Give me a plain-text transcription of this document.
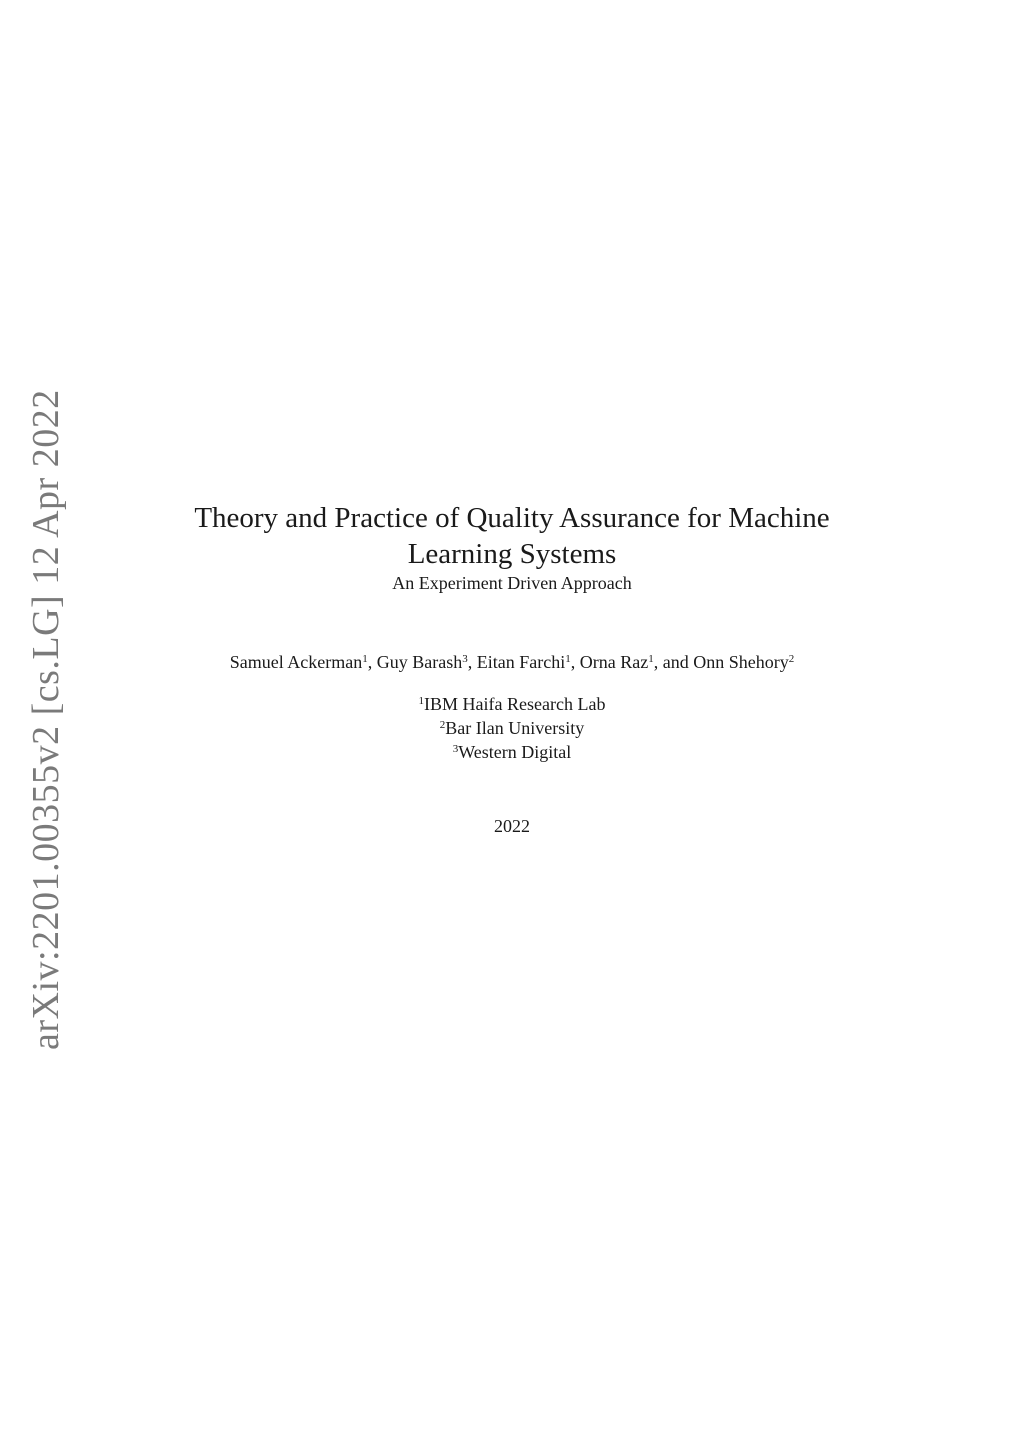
arXiv:2201.00355v2 [cs.LG] 12 Apr 2022	Theory and Practice of Quality Assurance for Machine Learning Systems
An Experiment Driven Approach
Samuel Ackerman$^1$, Guy Barash$^3$, Eitan Farchi$^1$, Orna Raz$^1$, and Onn Shehory$^2$
$^1$IBM Haifa Research Lab
$^2$Bar Ilan University
$^3$Western Digital
2022
